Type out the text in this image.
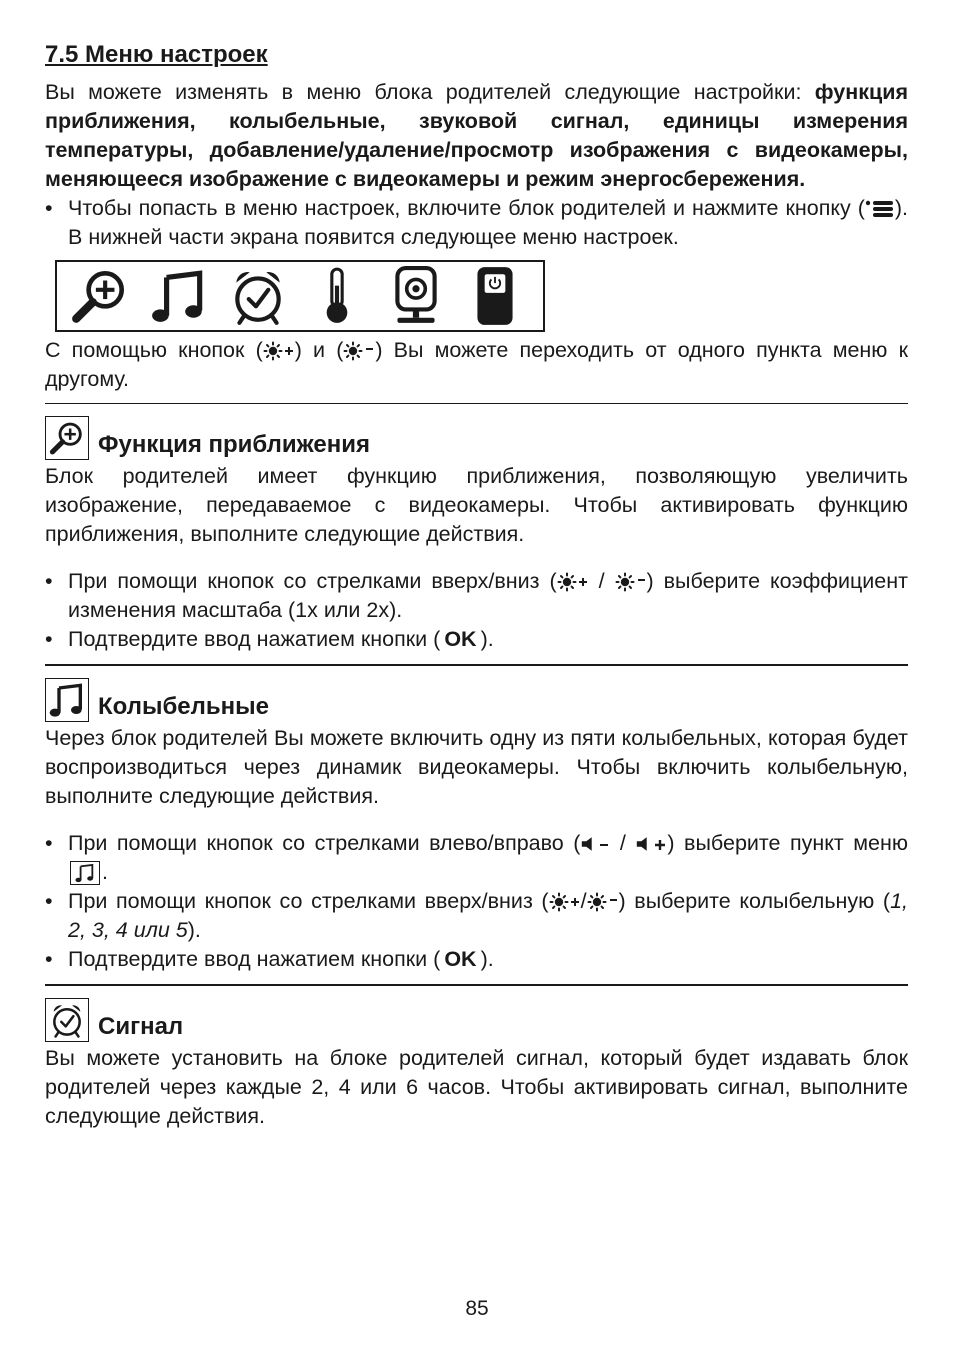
7.5 Меню настроек

Вы можете изменять в меню блока родителей следующие настройки: функция приближения, колыбельные, звуковой сигнал, единицы измерения температуры, добавление/удаление/просмотр изображения с видеокамеры, меняющееся изображение с видеокамеры и режим энергосбережения.

• Чтобы попасть в меню настроек, включите блок родителей и нажмите кнопку ( ). В нижней части экрана появится следующее меню настроек.

С помощью кнопок ( ) и ( ) Вы можете переходить от одного пункта меню к другому.

Функция приближения

Блок родителей имеет функцию приближения, позволяющую увеличить изображение, передаваемое с видеокамеры. Чтобы активировать функцию приближения, выполните следующие действия.

• При помощи кнопок со стрелками вверх/вниз ( / ) выберите коэффициент изменения масштаба (1x или 2x).

• Подтвердите ввод нажатием кнопки ( OK ).

Колыбельные

Через блок родителей Вы можете включить одну из пяти колыбельных, которая будет воспроизводиться через динамик видеокамеры. Чтобы включить колыбельную, выполните следующие действия.

• При помощи кнопок со стрелками влево/вправо ( / ) выберите пункт меню
.

• При помощи кнопок со стрелками вверх/вниз ( / ) выберите колыбельную (1, 2, 3, 4 или 5).

• Подтвердите ввод нажатием кнопки ( OK ).

Сигнал

Вы можете установить на блоке родителей сигнал, который будет издавать блок родителей через каждые 2, 4 или 6 часов. Чтобы активировать сигнал, выполните следующие действия.

85
